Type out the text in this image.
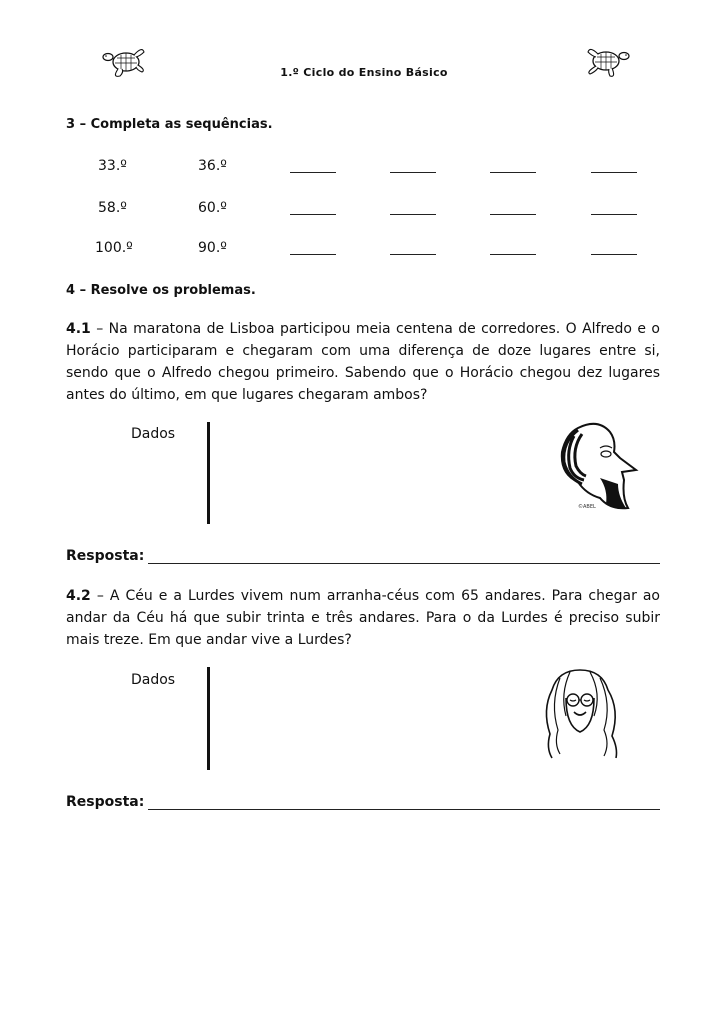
1.º Ciclo do Ensino Básico
3 – Completa as sequências.
33.º	36.º
58.º	60.º
100.º	90.º
4 – Resolve os problemas.
4.1 – Na maratona de Lisboa participou meia centena de corredores. O Alfredo e o Horácio participaram e chegaram com uma diferença de doze lugares entre si, sendo que o Alfredo chegou primeiro. Sabendo que o Horácio chegou dez lugares antes do último, em que lugares chegaram ambos?
Dados
©ABEL
Resposta:
4.2 – A Céu e a Lurdes vivem num arranha-céus com 65 andares. Para chegar ao andar da Céu há que subir trinta e três andares. Para o da Lurdes é preciso subir mais treze. Em que andar vive a Lurdes?
Dados
Resposta:
